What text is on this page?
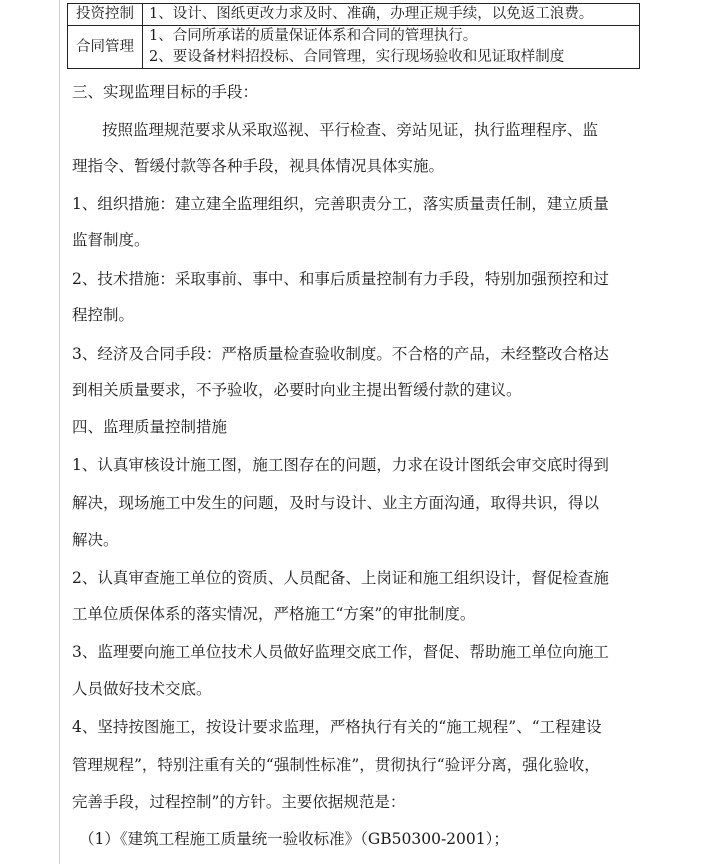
投资控制	1、设计、图纸更改力求及时、准确，办理正规手续，以免返工浪费。

合同管理	1、合同所承诺的质量保证体系和合同的管理执行。
2、要设备材料招投标、合同管理，实行现场验收和见证取样制度
三、实现监理目标的手段：
按照监理规范要求从采取巡视、平行检查、旁站见证，执行监理程序、监
理指令、暂缓付款等各种手段，视具体情况具体实施。
1、组织措施：建立建全监理组织，完善职责分工，落实质量责任制，建立质量
监督制度。
2、技术措施：采取事前、事中、和事后质量控制有力手段，特别加强预控和过
程控制。
3、经济及合同手段：严格质量检查验收制度。不合格的产品，未经整改合格达
到相关质量要求，不予验收，必要时向业主提出暂缓付款的建议。
四、监理质量控制措施
1、认真审核设计施工图，施工图存在的问题，力求在设计图纸会审交底时得到
解决，现场施工中发生的问题，及时与设计、业主方面沟通，取得共识，得以
解决。
2、认真审查施工单位的资质、人员配备、上岗证和施工组织设计，督促检查施
工单位质保体系的落实情况，严格施工“方案”的审批制度。
3、监理要向施工单位技术人员做好监理交底工作，督促、帮助施工单位向施工
人员做好技术交底。
4、坚持按图施工，按设计要求监理，严格执行有关的“施工规程”、“工程建设
管理规程”，特别注重有关的“强制性标准”，贯彻执行“验评分离，强化验收，
完善手段，过程控制”的方针。主要依据规范是：
（1）《建筑工程施工质量统一验收标准》（GB50300-2001）；
